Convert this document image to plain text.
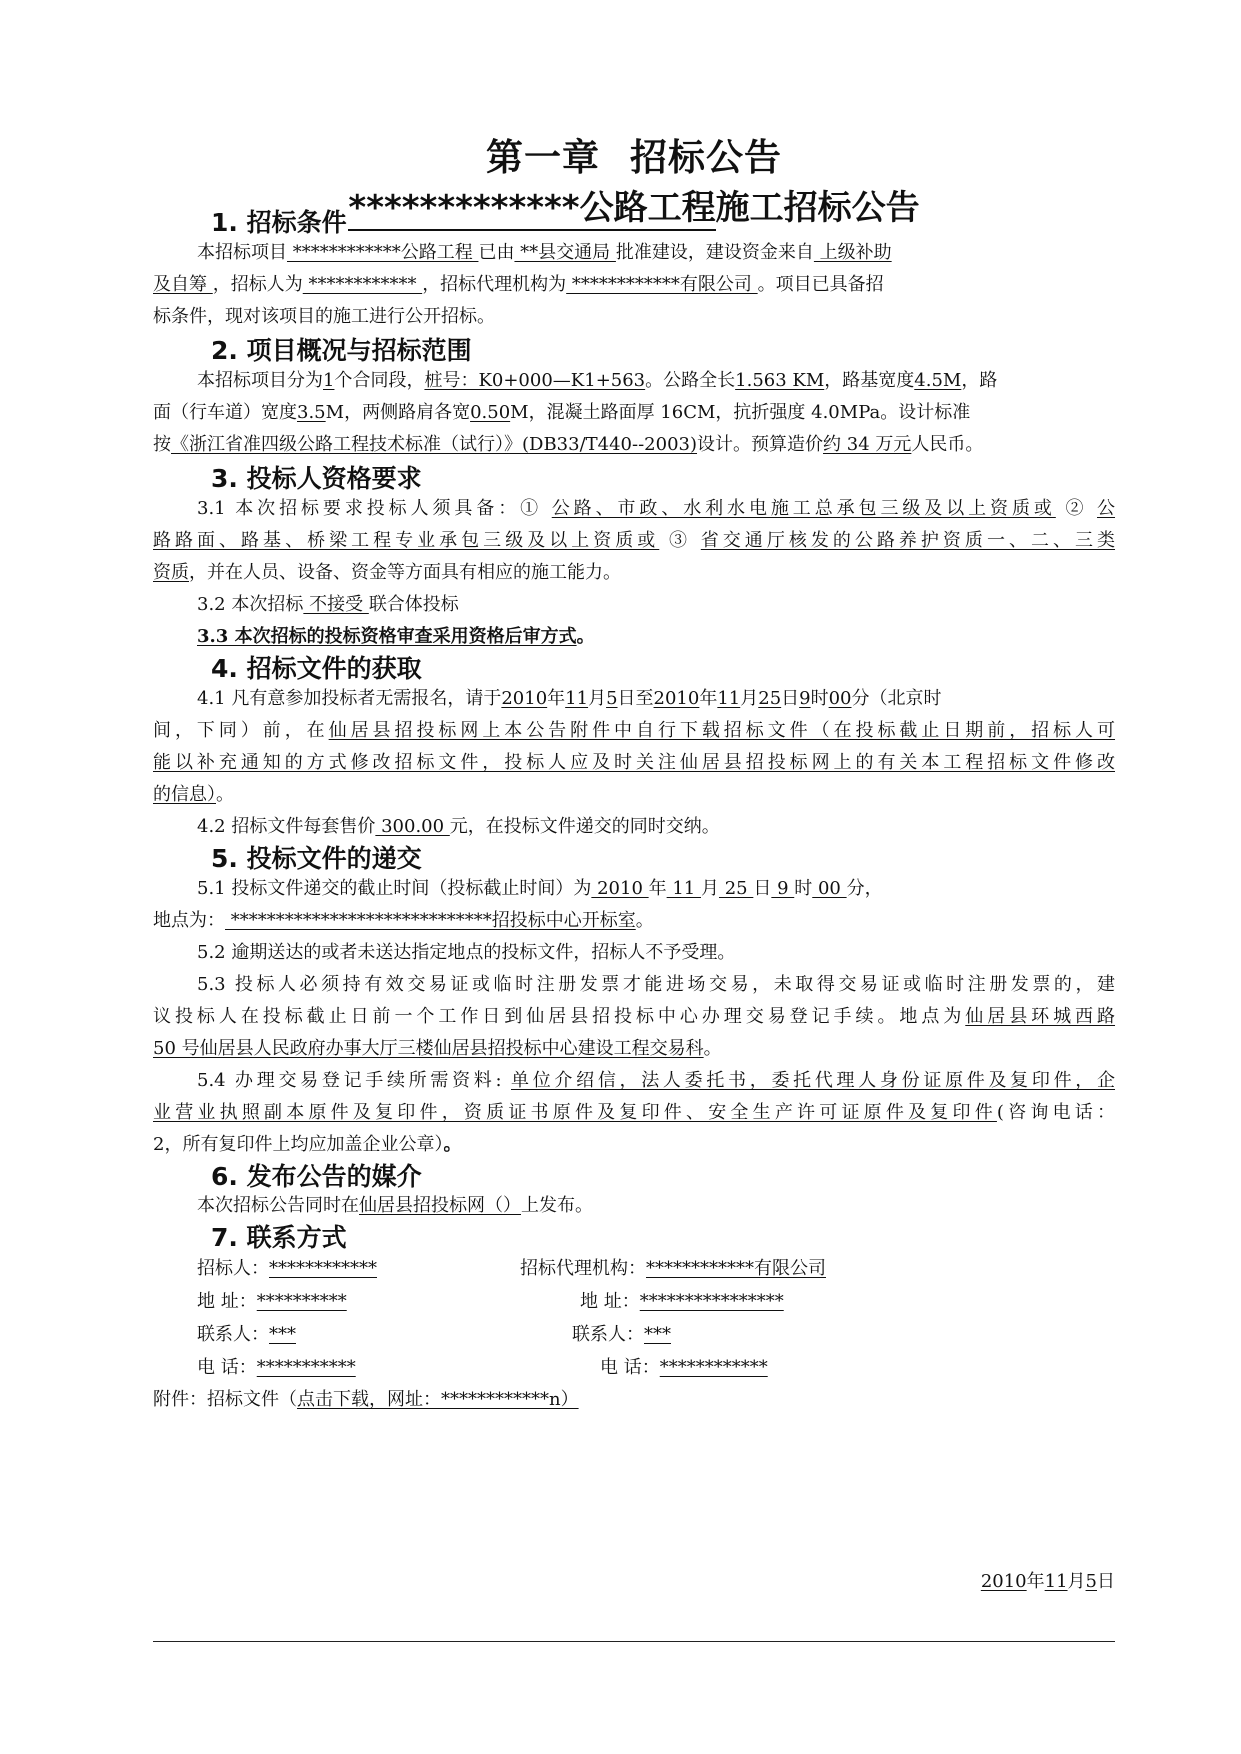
第一章 招标公告
*************公路工程施工招标公告
1. 招标条件
本招标项目 ************公路工程 已由 **县交通局 批准建设，建设资金来自 上级补助
及自筹 ，招标人为 ************ ，招标代理机构为 ************有限公司 。项目已具备招
标条件，现对该项目的施工进行公开招标。
2. 项目概况与招标范围
本招标项目分为1个合同段，桩号：K0+000—K1+563。公路全长1.563 KM，路基宽度4.5M，路
面（行车道）宽度3.5M，两侧路肩各宽0.50M，混凝土路面厚 16CM，抗折强度 4.0MPa。设计标准
按《浙江省准四级公路工程技术标准（试行）》(DB33/T440--2003)设计。预算造价约 34 万元人民币。
3. 投标人资格要求
3.1 本次招标要求投标人须具备：① 公路、市政、水利水电施工总承包三级及以上资质或 ② 公
路路面、路基、桥梁工程专业承包三级及以上资质或 ③ 省交通厅核发的公路养护资质一、二、三类
资质，并在人员、设备、资金等方面具有相应的施工能力。
3.2 本次招标 不接受 联合体投标
3.3 本次招标的投标资格审查采用资格后审方式。
4. 招标文件的获取
4.1 凡有意参加投标者无需报名，请于2010年11月5日至2010年11月25日9时00分（北京时
间，下同）前，在仙居县招投标网上本公告附件中自行下载招标文件（在投标截止日期前，招标人可
能以补充通知的方式修改招标文件，投标人应及时关注仙居县招投标网上的有关本工程招标文件修改
的信息）。
4.2 招标文件每套售价 300.00 元，在投标文件递交的同时交纳。
5. 投标文件的递交
5.1 投标文件递交的截止时间（投标截止时间）为 2010 年 11 月 25 日 9 时 00 分，
地点为： *****************************招投标中心开标室。
5.2 逾期送达的或者未送达指定地点的投标文件，招标人不予受理。
5.3 投标人必须持有效交易证或临时注册发票才能进场交易，未取得交易证或临时注册发票的，建
议投标人在投标截止日前一个工作日到仙居县招投标中心办理交易登记手续。地点为仙居县环城西路
50 号仙居县人民政府办事大厅三楼仙居县招投标中心建设工程交易科。
5.4 办理交易登记手续所需资料: 单位介绍信，法人委托书，委托代理人身份证原件及复印件，企
业营业执照副本原件及复印件，资质证书原件及复印件、安全生产许可证原件及复印件(咨询电话：
2，所有复印件上均应加盖企业公章）。
6. 发布公告的媒介
本次招标公告同时在仙居县招投标网（）上发布。
7. 联系方式
招标人：************	招标代理机构：************有限公司
地 址：**********	地 址：****************
联系人：***	联系人：***
电 话：***********	电 话：************
附件：招标文件（点击下载，网址：************n）
2010年11月5日
